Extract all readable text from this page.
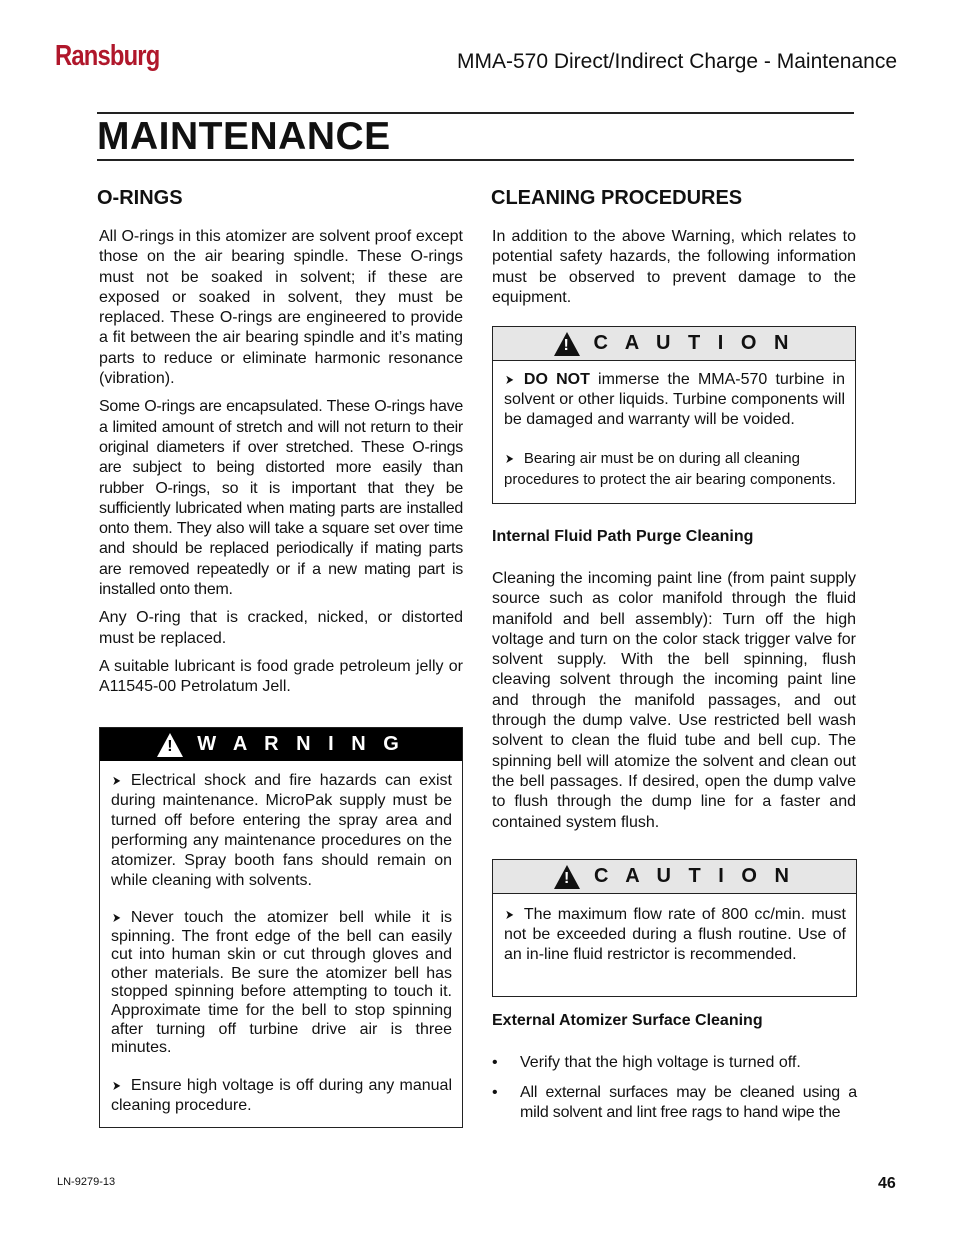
Ransburg	MMA-570 Direct/Indirect Charge - Maintenance
MAINTENANCE
O-RINGS

All O-rings in this atomizer are solvent proof except those on the air bearing spindle. These O-rings must not be soaked in solvent; if these are exposed or soaked in solvent, they must be replaced. These O-rings are engineered to provide a fit between the air bearing spindle and it’s mating parts to reduce or eliminate harmonic resonance (vibration).

Some O-rings are encapsulated. These O-rings have a limited amount of stretch and will not return to their original diameters if over stretched. These O-rings are subject to being distorted more easily than rubber O-rings, so it is important that they be sufficiently lubricated when mating parts are installed onto them. They also will take a square set over time and should be replaced periodically if mating parts are removed repeatedly or if a new mating part is installed onto them.

Any O-ring that is cracked, nicked, or distorted must be replaced.

A suitable lubricant is food grade petroleum jelly or A11545-00 Petrolatum Jell.

! W A R N I N G

➤ Electrical shock and fire hazards can exist during maintenance. MicroPak supply must be turned off before entering the spray area and performing any maintenance procedures on the atomizer. Spray booth fans should remain on while cleaning with solvents.

➤ Never touch the atomizer bell while it is spinning. The front edge of the bell can easily cut into human skin or cut through gloves and other materials. Be sure the atomizer bell has stopped spinning before attempting to touch it. Approximate time for the bell to stop spinning after turning off turbine drive air is three minutes.

➤ Ensure high voltage is off during any manual cleaning procedure.

CLEANING PROCEDURES
In addition to the above Warning, which relates to potential safety hazards, the following information must be observed to prevent damage to the equipment.
! C A U T I O N

➤ DO NOT immerse the MMA-570 turbine in solvent or other liquids. Turbine components will be damaged and warranty will be voided.

➤ Bearing air must be on during all cleaning procedures to protect the air bearing components.

Internal Fluid Path Purge Cleaning
Cleaning the incoming paint line (from paint supply source such as color manifold through the fluid manifold and bell assembly): Turn off the high voltage and turn on the color stack trigger valve for solvent supply. With the bell spinning, flush cleaving solvent through the incoming paint line and through the manifold passages, and out through the dump valve. Use restricted bell wash solvent to clean the fluid tube and bell cup. The spinning bell will atomize the solvent and clean out the bell passages. If desired, open the dump valve to flush through the dump line for a faster and contained system flush.
! C A U T I O N

➤ The maximum flow rate of 800 cc/min. must not be exceeded during a flush routine. Use of an in-line fluid restrictor is recommended.

External Atomizer Surface Cleaning
• Verify that the high voltage is turned off.
• All external surfaces may be cleaned using a mild solvent and lint free rags to hand wipe the
LN-9279-13	46
